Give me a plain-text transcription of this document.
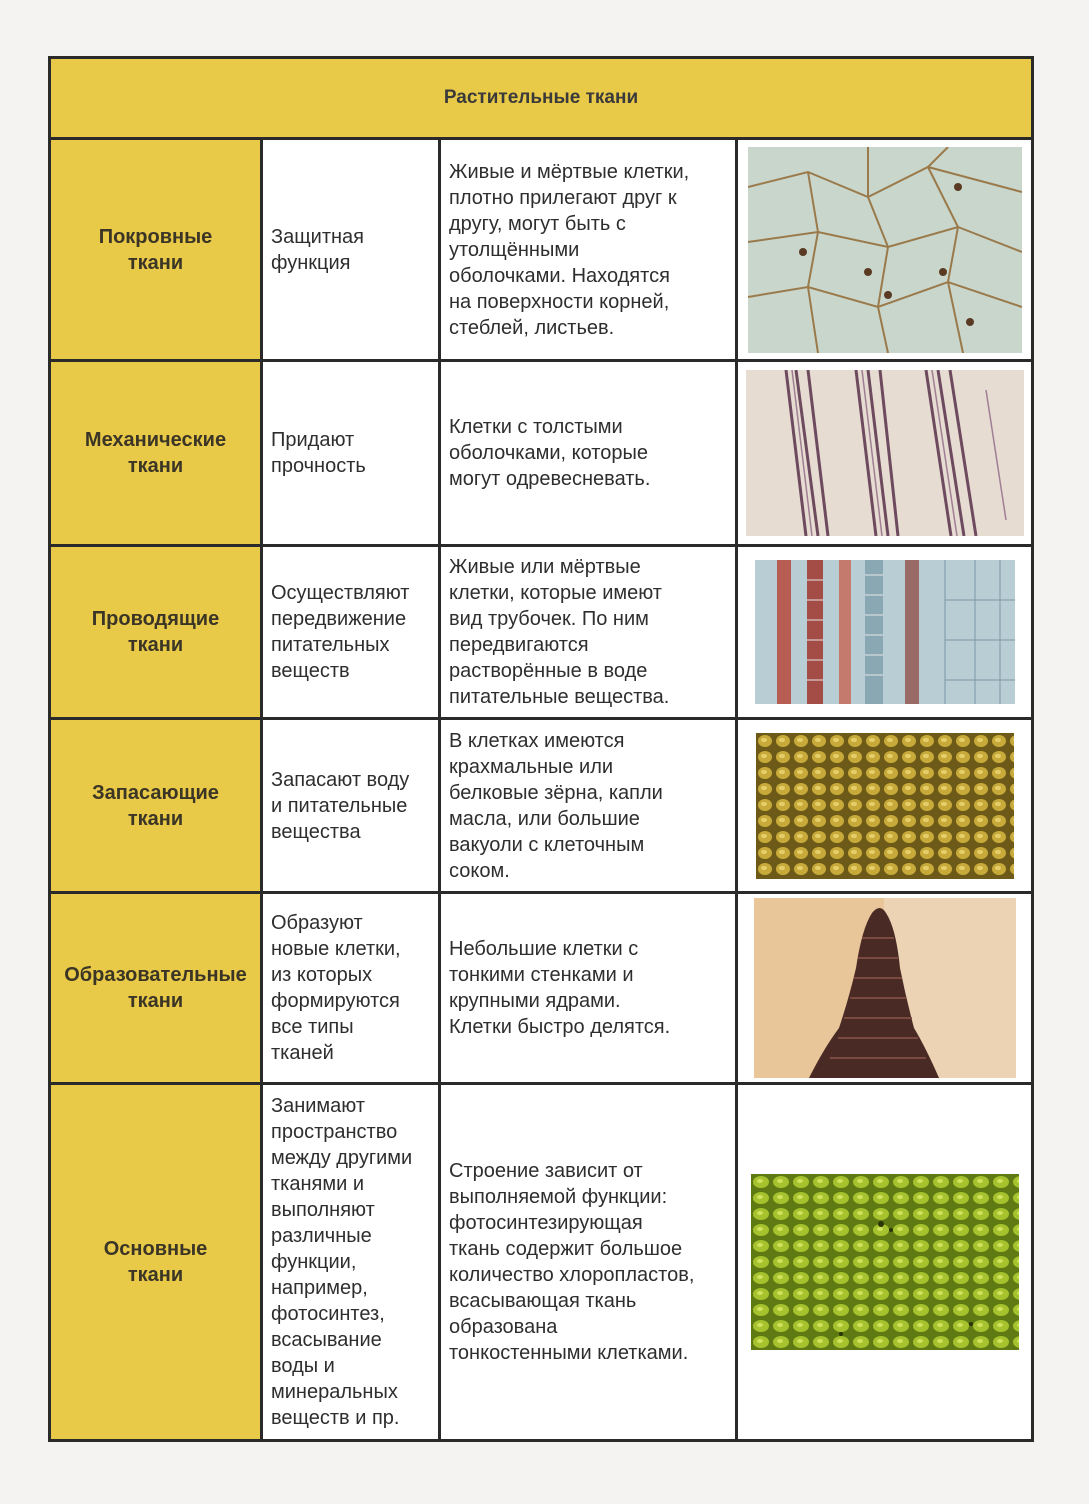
Растительные ткани
Покровные
ткани
Защитная
функция
Живые и мёртвые клетки,
плотно прилегают друг к
другу, могут быть с
утолщёнными
оболочками. Находятся
на поверхности корней,
стеблей, листьев.
Механические
ткани
Придают
прочность
Клетки с толстыми
оболочками, которые
могут одревесневать.
Проводящие
ткани
Осуществляют
передвижение
питательных
веществ
Живые или мёртвые
клетки, которые имеют
вид трубочек. По ним
передвигаются
растворённые в воде
питательные вещества.
Запасающие
ткани
Запасают воду
и питательные
вещества
В клетках имеются
крахмальные или
белковые зёрна, капли
масла, или большие
вакуоли с клеточным
соком.
Образовательные
ткани
Образуют
новые клетки,
из которых
формируются
все типы
тканей
Небольшие клетки с
тонкими стенками и
крупными ядрами.
Клетки быстро делятся.
Основные
ткани
Занимают
пространство
между другими
тканями и
выполняют
различные
функции,
например,
фотосинтез,
всасывание
воды и
минеральных
веществ и пр.
Строение зависит от
выполняемой функции:
фотосинтезирующая
ткань содержит большое
количество хлоропластов,
всасывающая ткань
образована
тонкостенными клетками.
